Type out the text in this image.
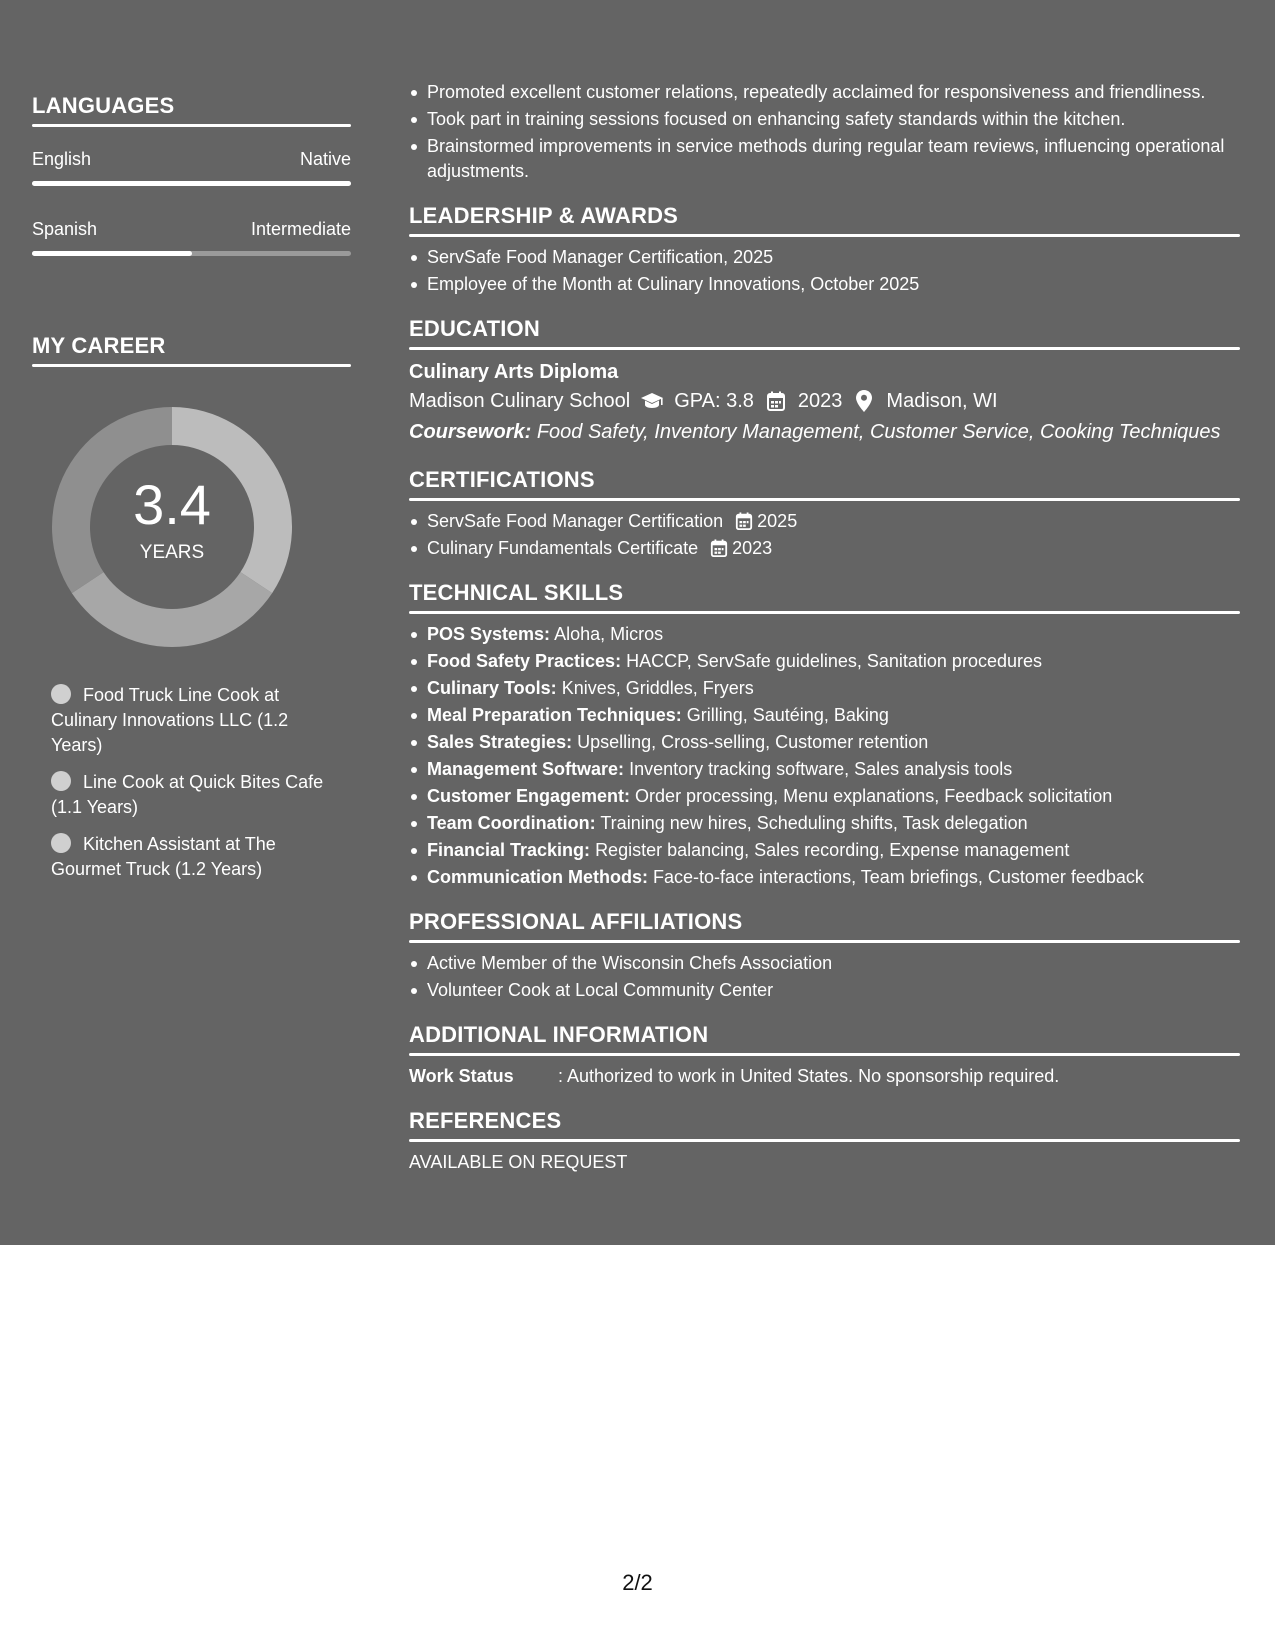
LANGUAGES
English	Native
Spanish	Intermediate
MY CAREER
3.4
YEARS
Food Truck Line Cook at Culinary Innovations LLC (1.2 Years)
Line Cook at Quick Bites Cafe (1.1 Years)
Kitchen Assistant at The Gourmet Truck (1.2 Years)
Promoted excellent customer relations, repeatedly acclaimed for responsiveness and friendliness.
Took part in training sessions focused on enhancing safety standards within the kitchen.
Brainstormed improvements in service methods during regular team reviews, influencing operational adjustments.
LEADERSHIP & AWARDS
ServSafe Food Manager Certification, 2025
Employee of the Month at Culinary Innovations, October 2025
EDUCATION
Culinary Arts Diploma
Madison Culinary School GPA: 3.8 2023 Madison, WI
Coursework: Food Safety, Inventory Management, Customer Service, Cooking Techniques
CERTIFICATIONS
ServSafe Food Manager Certification 2025
Culinary Fundamentals Certificate 2023
TECHNICAL SKILLS
POS Systems: Aloha, Micros
Food Safety Practices: HACCP, ServSafe guidelines, Sanitation procedures
Culinary Tools: Knives, Griddles, Fryers
Meal Preparation Techniques: Grilling, Sautéing, Baking
Sales Strategies: Upselling, Cross-selling, Customer retention
Management Software: Inventory tracking software, Sales analysis tools
Customer Engagement: Order processing, Menu explanations, Feedback solicitation
Team Coordination: Training new hires, Scheduling shifts, Task delegation
Financial Tracking: Register balancing, Sales recording, Expense management
Communication Methods: Face-to-face interactions, Team briefings, Customer feedback
PROFESSIONAL AFFILIATIONS
Active Member of the Wisconsin Chefs Association
Volunteer Cook at Local Community Center
ADDITIONAL INFORMATION
Work Status	: Authorized to work in United States. No sponsorship required.
REFERENCES
AVAILABLE ON REQUEST
2/2
